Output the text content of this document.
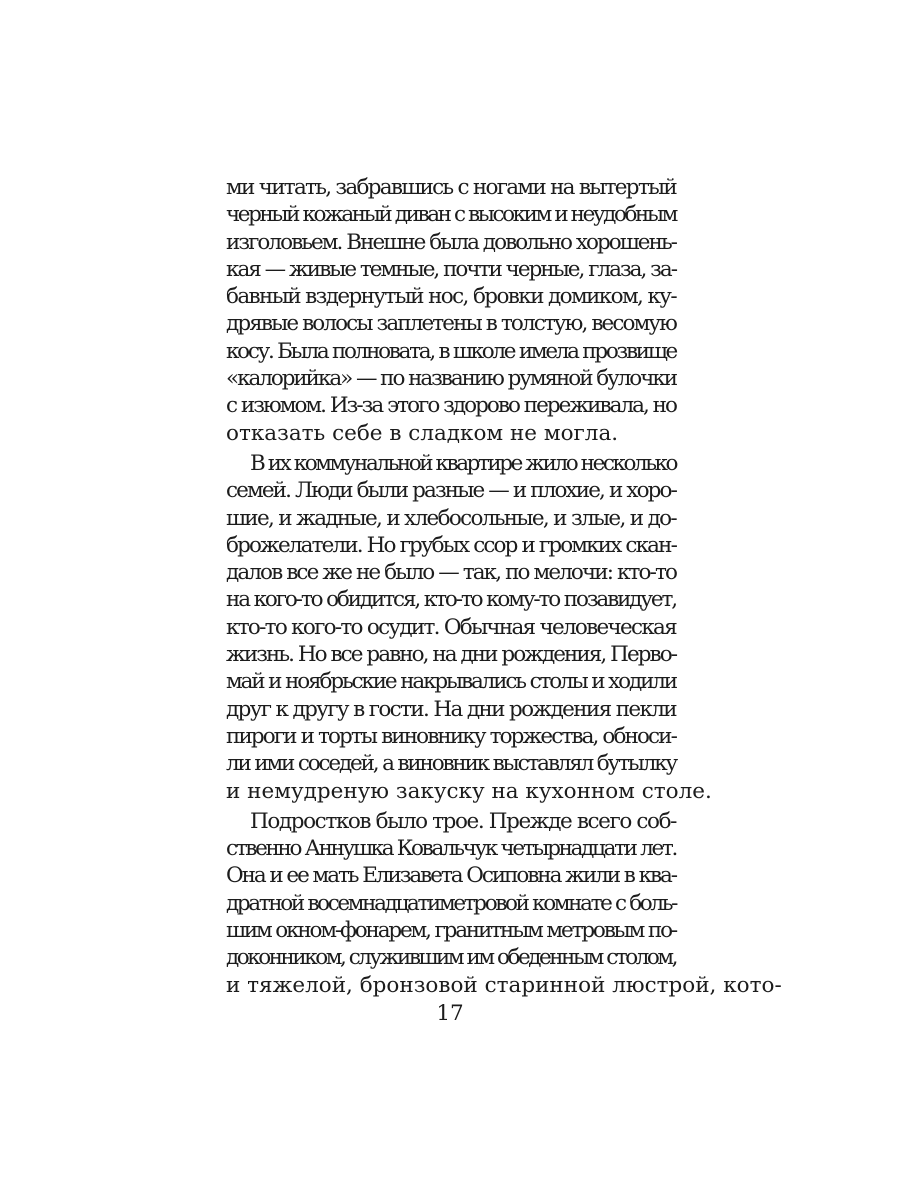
ми читать, забравшись с ногами на вытертый
черный кожаный диван с высоким и неудобным
изголовьем. Внешне была довольно хорошень-
кая — живые темные, почти черные, глаза, за-
бавный вздернутый нос, бровки домиком, ку-
дрявые волосы заплетены в толстую, весомую
косу. Была полновата, в школе имела прозвище
«калорийка» — по названию румяной булочки
с изюмом. Из-за этого здорово переживала, но
отказать себе в сладком не могла.
В их коммунальной квартире жило несколько
семей. Люди были разные — и плохие, и хоро-
шие, и жадные, и хлебосольные, и злые, и до-
брожелатели. Но грубых ссор и громких скан-
далов все же не было — так, по мелочи: кто-то
на кого-то обидится, кто-то кому-то позавидует,
кто-то кого-то осудит. Обычная человеческая
жизнь. Но все равно, на дни рождения, Перво-
май и ноябрьские накрывались столы и ходили
друг к другу в гости. На дни рождения пекли
пироги и торты виновнику торжества, обноси-
ли ими соседей, а виновник выставлял бутылку
и немудреную закуску на кухонном столе.
Подростков было трое. Прежде всего соб-
ственно Аннушка Ковальчук четырнадцати лет.
Она и ее мать Елизавета Осиповна жили в ква-
дратной восемнадцатиметровой комнате с боль-
шим окном-фонарем, гранитным метровым по-
доконником, служившим им обеденным столом,
и тяжелой, бронзовой старинной люстрой, кото-
17
